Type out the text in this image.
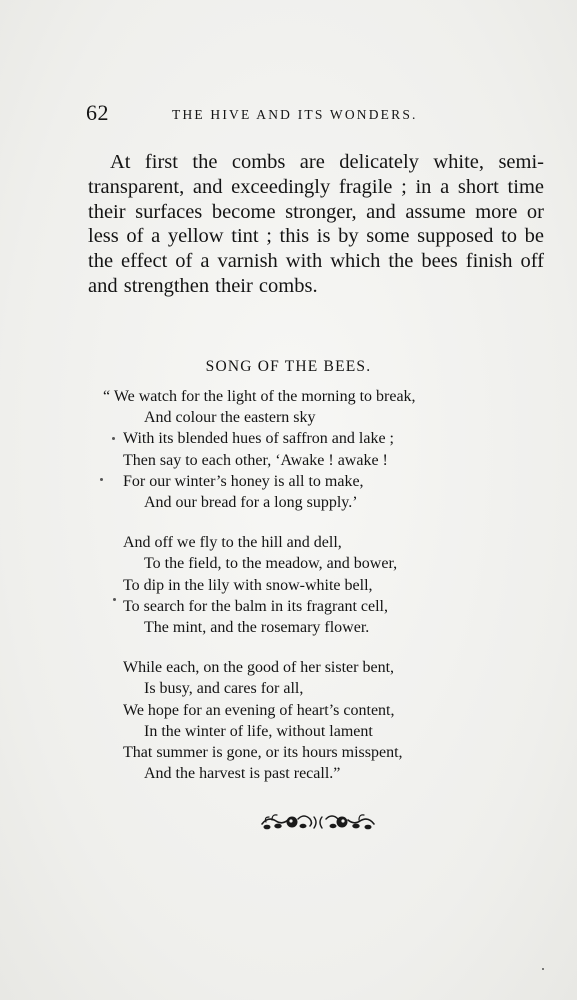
62	THE HIVE AND ITS WONDERS.

At first the combs are delicately white, semi-transparent, and exceedingly fragile ; in a short time their surfaces become stronger, and assume more or less of a yellow tint ; this is by some supposed to be the effect of a varnish with which the bees finish off and strengthen their combs.

SONG OF THE BEES.

“ We watch for the light of the morning to break,
And colour the eastern sky
With its blended hues of saffron and lake ;
Then say to each other, ‘Awake ! awake !
For our winter’s honey is all to make,
And our bread for a long supply.’
And off we fly to the hill and dell,
To the field, to the meadow, and bower,
To dip in the lily with snow-white bell,
To search for the balm in its fragrant cell,
The mint, and the rosemary flower.
While each, on the good of her sister bent,
Is busy, and cares for all,
We hope for an evening of heart’s content,
In the winter of life, without lament
That summer is gone, or its hours misspent,
And the harvest is past recall.”
